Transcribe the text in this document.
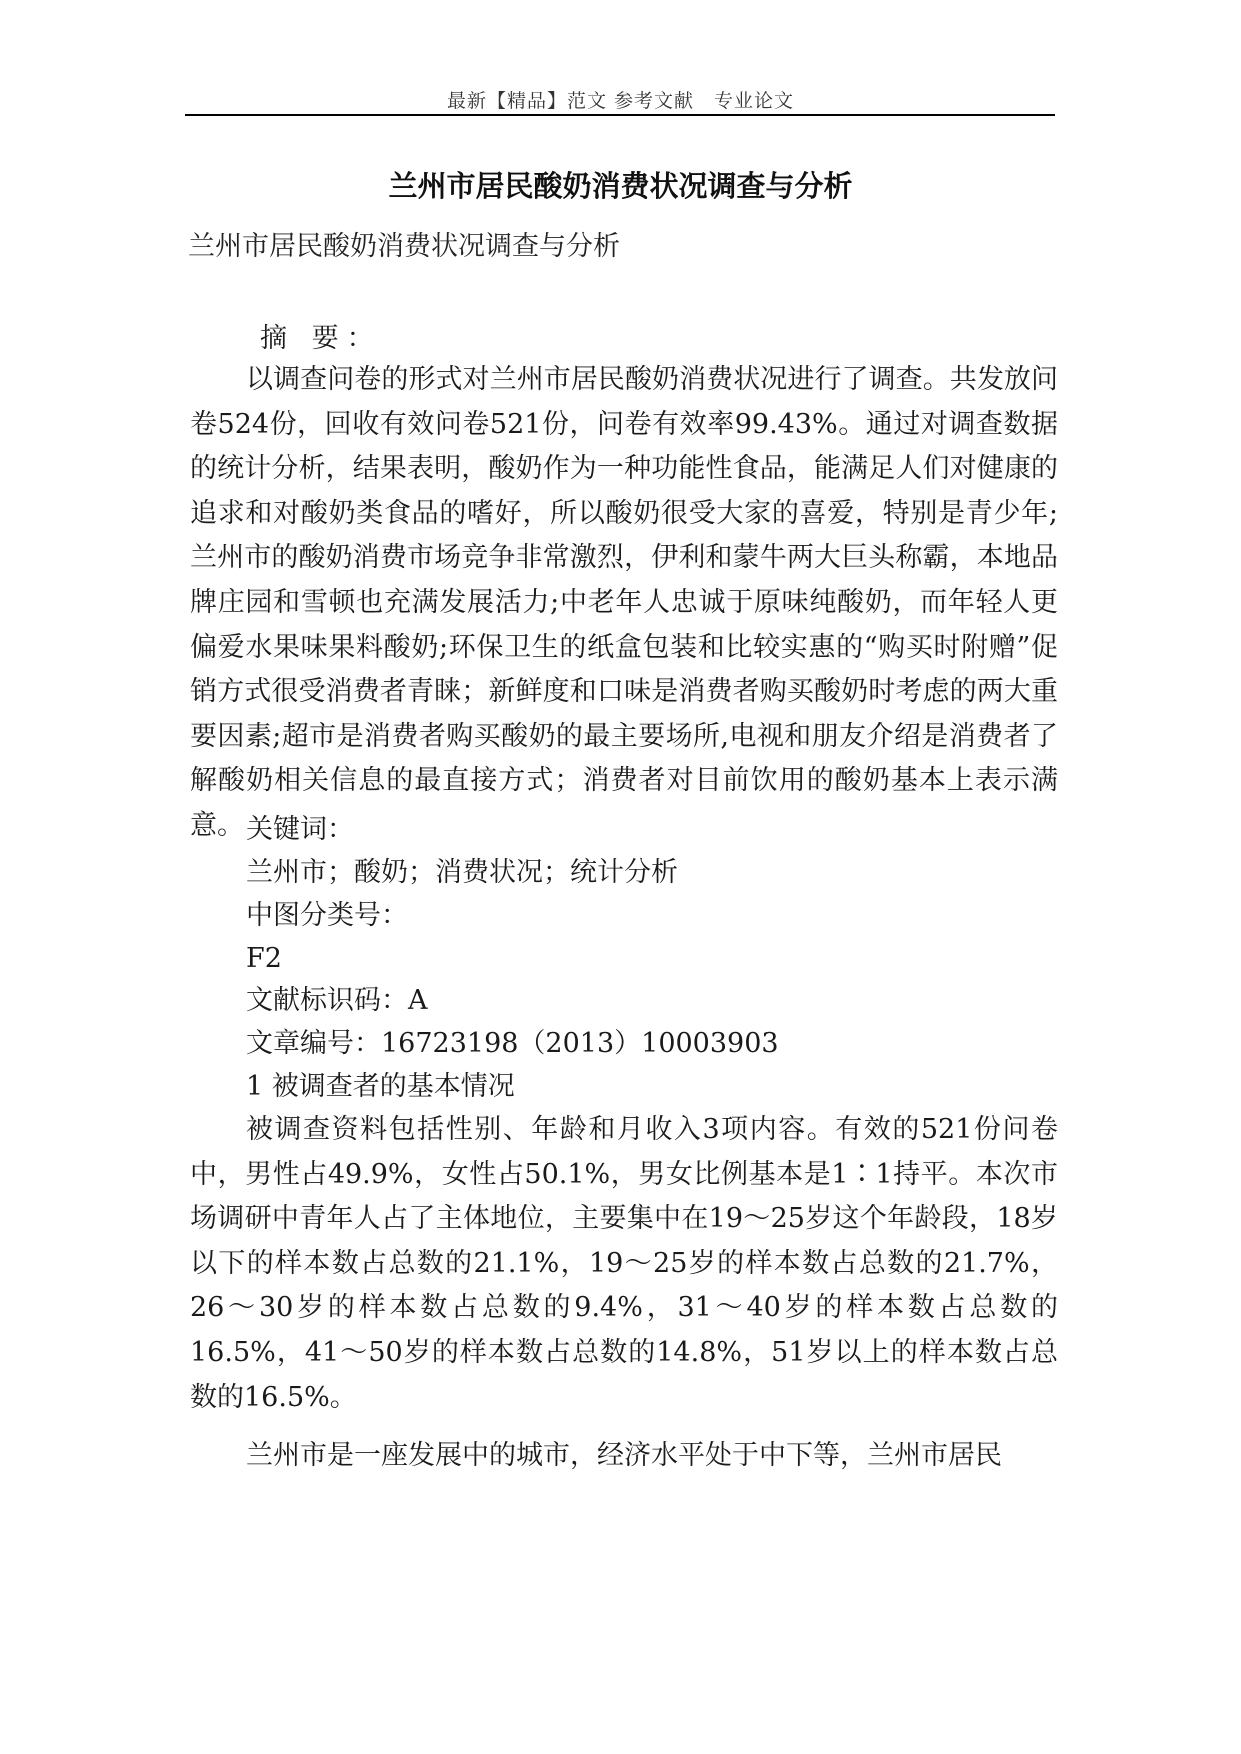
最新【精品】范文 参考文献　专业论文
兰州市居民酸奶消费状况调查与分析
兰州市居民酸奶消费状况调查与分析
摘 要：
以调查问卷的形式对兰州市居民酸奶消费状况进行了调查。共发放问卷524份，回收有效问卷521份，问卷有效率99.43%。通过对调查数据的统计分析，结果表明，酸奶作为一种功能性食品，能满足人们对健康的追求和对酸奶类食品的嗜好，所以酸奶很受大家的喜爱，特别是青少年;兰州市的酸奶消费市场竞争非常激烈，伊利和蒙牛两大巨头称霸，本地品牌庄园和雪顿也充满发展活力;中老年人忠诚于原味纯酸奶，而年轻人更偏爱水果味果料酸奶;环保卫生的纸盒包装和比较实惠的“购买时附赠”促销方式很受消费者青睐；新鲜度和口味是消费者购买酸奶时考虑的两大重要因素;超市是消费者购买酸奶的最主要场所,电视和朋友介绍是消费者了解酸奶相关信息的最直接方式；消费者对目前饮用的酸奶基本上表示满意。 关键词：
兰州市；酸奶；消费状况；统计分析
中图分类号：
F2
文献标识码：A
文章编号：16723198（2013）10003903
1 被调查者的基本情况
被调查资料包括性别、年龄和月收入3项内容。有效的521份问卷中，男性占49.9%，女性占50.1%，男女比例基本是1∶1持平。本次市场调研中青年人占了主体地位，主要集中在19～25岁这个年龄段，18岁以下的样本数占总数的21.1%，19～25岁的样本数占总数的21.7%，26～30岁的样本数占总数的9.4%，31～40岁的样本数占总数的16.5%，41～50岁的样本数占总数的14.8%，51岁以上的样本数占总数的16.5%。
兰州市是一座发展中的城市，经济水平处于中下等，兰州市居民
